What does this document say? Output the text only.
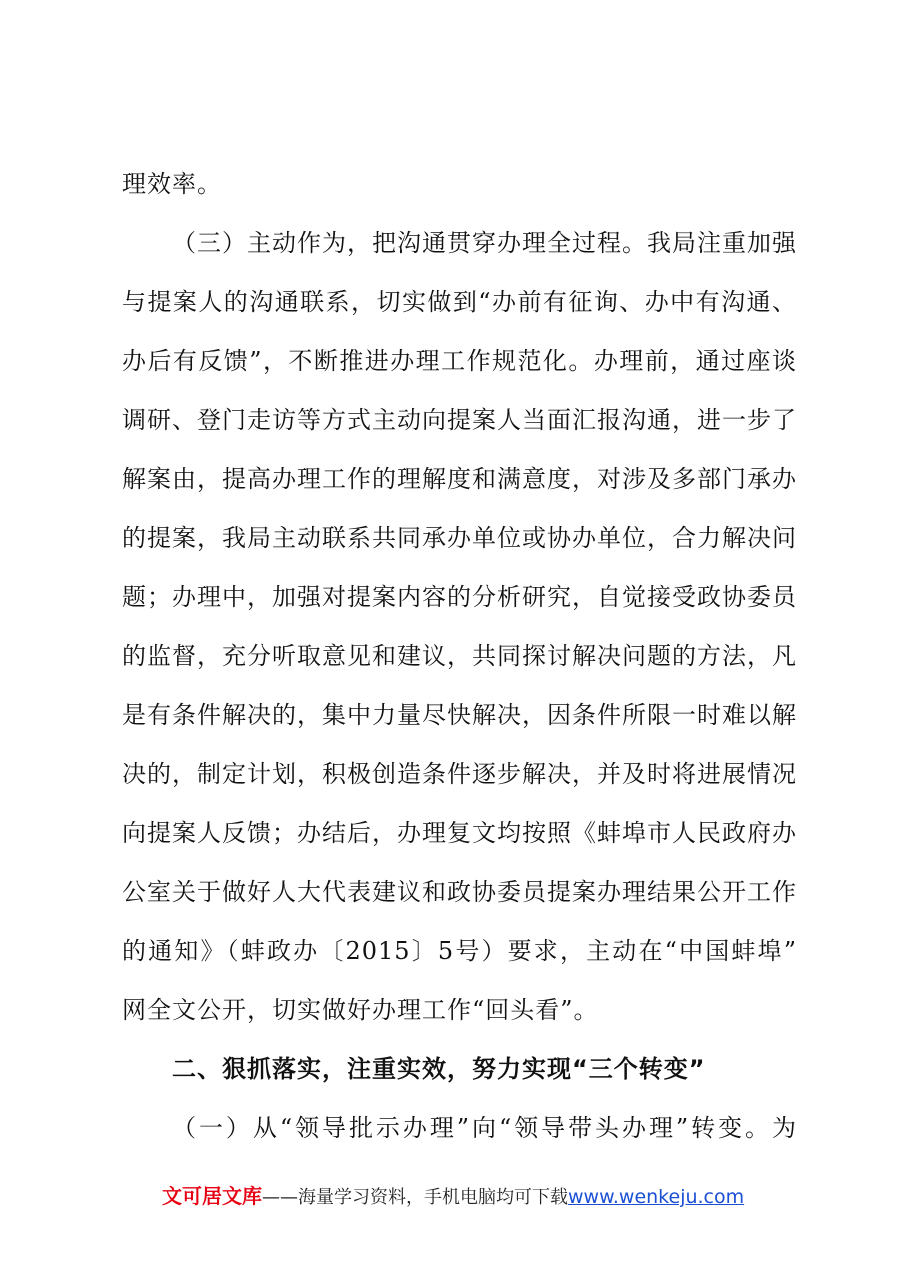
理效率。
（三）主动作为，把沟通贯穿办理全过程。我局注重加强
与提案人的沟通联系，切实做到“办前有征询、办中有沟通、
办后有反馈”，不断推进办理工作规范化。办理前，通过座谈
调研、登门走访等方式主动向提案人当面汇报沟通，进一步了
解案由，提高办理工作的理解度和满意度，对涉及多部门承办
的提案，我局主动联系共同承办单位或协办单位，合力解决问
题；办理中，加强对提案内容的分析研究，自觉接受政协委员
的监督，充分听取意见和建议，共同探讨解决问题的方法，凡
是有条件解决的，集中力量尽快解决，因条件所限一时难以解
决的，制定计划，积极创造条件逐步解决，并及时将进展情况
向提案人反馈；办结后，办理复文均按照《蚌埠市人民政府办
公室关于做好人大代表建议和政协委员提案办理结果公开工作
的通知》（蚌政办〔2015〕5号）要求，主动在“中国蚌埠”
网全文公开，切实做好办理工作“回头看”。
二、狠抓落实，注重实效，努力实现“三个转变”
（一）从“领导批示办理”向“领导带头办理”转变。为
文可居文库——海量学习资料，手机电脑均可下载www.wenkeju.com
